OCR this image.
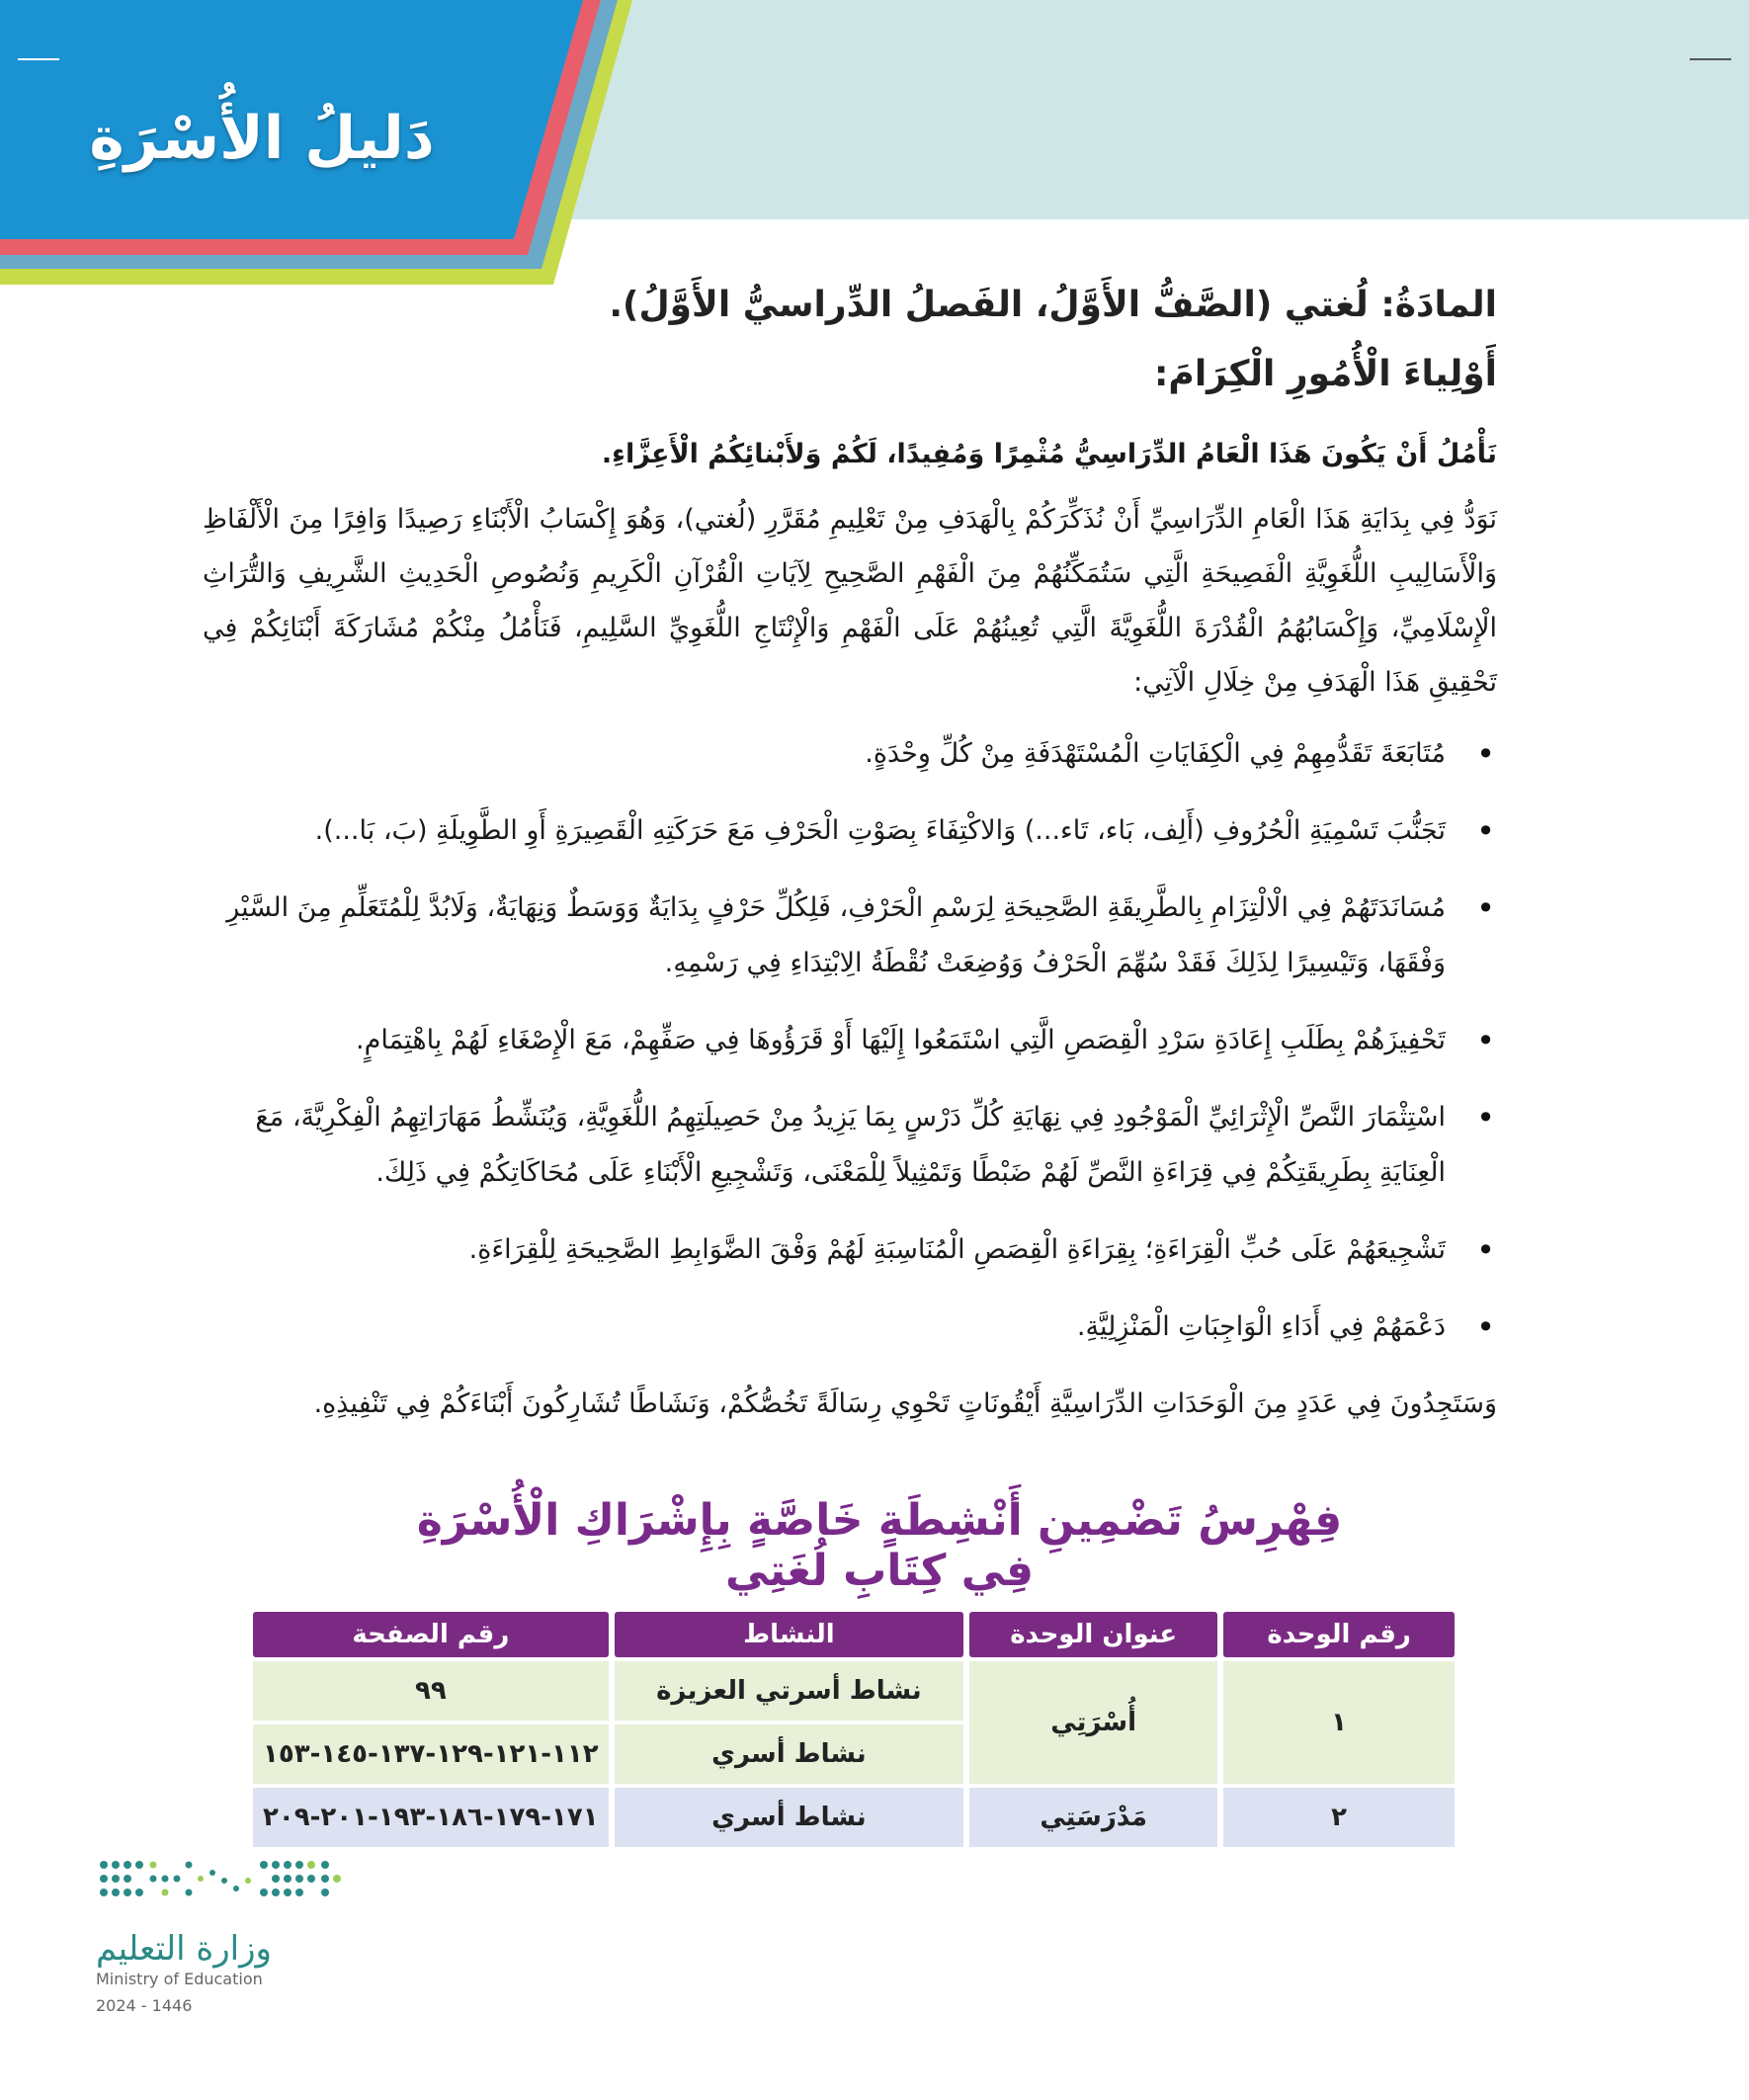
دَليلُ الأُسْرَةِ
المادَةُ: لُغتي (الصَّفُّ الأَوَّلُ، الفَصلُ الدِّراسيُّ الأَوَّلُ).
أَوْلِياءَ الْأُمُورِ الْكِرَامَ:
نَأْمُلُ أَنْ يَكُونَ هَذَا الْعَامُ الدِّرَاسِيُّ مُثْمِرًا وَمُفِيدًا، لَكُمْ وَلأَبْنائِكُمُ الْأَعِزَّاءِ.
نَوَدُّ فِي بِدَايَةِ هَذَا الْعَامِ الدِّرَاسِيِّ أَنْ نُذَكِّرَكُمْ بِالْهَدَفِ مِنْ تَعْلِيمِ مُقَرَّرِ (لُغتي)، وَهُوَ إِكْسَابُ الْأَبْنَاءِ رَصِيدًا وَافِرًا مِنَ الْأَلْفَاظِ وَالْأَسَالِيبِ اللُّغَوِيَّةِ الْفَصِيحَةِ الَّتِي سَتُمَكِّنُهُمْ مِنَ الْفَهْمِ الصَّحِيحِ لِآيَاتِ الْقُرْآنِ الْكَرِيمِ وَنُصُوصِ الْحَدِيثِ الشَّرِيفِ وَالتُّرَاثِ الْإِسْلَامِيِّ، وَإِكْسَابُهُمُ الْقُدْرَةَ اللُّغَوِيَّةَ الَّتِي تُعِينُهُمْ عَلَى الْفَهْمِ وَالْإِنْتَاجِ اللُّغَوِيِّ السَّلِيمِ، فَنَأْمُلُ مِنْكُمْ مُشَارَكَةَ أَبْنَائِكُمْ فِي تَحْقِيقِ هَذَا الْهَدَفِ مِنْ خِلَالِ الْآتِي:
• مُتَابَعَةَ تَقَدُّمِهِمْ فِي الْكِفَايَاتِ الْمُسْتَهْدَفَةِ مِنْ كُلِّ وِحْدَةٍ.
• تَجَنُّبَ تَسْمِيَةِ الْحُرُوفِ (أَلِف، بَاء، تَاء...) وَالاكْتِفَاءَ بِصَوْتِ الْحَرْفِ مَعَ حَرَكَتِهِ الْقَصِيرَةِ أَوِ الطَّوِيلَةِ (بَ، بَا...).
• مُسَانَدَتَهُمْ فِي الْالْتِزَامِ بِالطَّرِيقَةِ الصَّحِيحَةِ لِرَسْمِ الْحَرْفِ، فَلِكُلِّ حَرْفٍ بِدَايَةٌ وَوَسَطٌ وَنِهَايَةٌ، وَلَابُدَّ لِلْمُتَعَلِّمِ مِنَ السَّيْرِ وَفْقَهَا، وَتَيْسِيرًا لِذَلِكَ فَقَدْ سُهِّمَ الْحَرْفُ وَوُضِعَتْ نُقْطَةُ الِابْتِدَاءِ فِي رَسْمِهِ.
• تَحْفِيزَهُمْ بِطَلَبِ إِعَادَةِ سَرْدِ الْقِصَصِ الَّتِي اسْتَمَعُوا إِلَيْهَا أَوْ قَرَؤُوهَا فِي صَفِّهِمْ، مَعَ الْإِصْغَاءِ لَهُمْ بِاهْتِمَامٍ.
• اسْتِثْمَارَ النَّصِّ الْإِثْرَائِيِّ الْمَوْجُودِ فِي نِهَايَةِ كُلِّ دَرْسٍ بِمَا يَزِيدُ مِنْ حَصِيلَتِهِمُ اللُّغَوِيَّةِ، وَيُنَشِّطُ مَهَارَاتِهِمُ الْفِكْرِيَّةَ، مَعَ الْعِنَايَةِ بِطَرِيقَتِكُمْ فِي قِرَاءَةِ النَّصِّ لَهُمْ ضَبْطًا وَتَمْثِيلاً لِلْمَعْنَى، وَتَشْجِيعِ الْأَبْنَاءِ عَلَى مُحَاكَاتِكُمْ فِي ذَلِكَ.
• تَشْجِيعَهُمْ عَلَى حُبِّ الْقِرَاءَةِ؛ بِقِرَاءَةِ الْقِصَصِ الْمُنَاسِبَةِ لَهُمْ وَفْقَ الضَّوَابِطِ الصَّحِيحَةِ لِلْقِرَاءَةِ.
• دَعْمَهُمْ فِي أَدَاءِ الْوَاجِبَاتِ الْمَنْزِلِيَّةِ.
وَسَتَجِدُونَ فِي عَدَدٍ مِنَ الْوَحَدَاتِ الدِّرَاسِيَّةِ أَيْقُونَاتٍ تَحْوِي رِسَالَةً تَخُصُّكُمْ، وَنَشَاطًا تُشَارِكُونَ أَبْنَاءَكُمْ فِي تَنْفِيذِهِ.
فِهْرِسُ تَضْمِينِ أَنْشِطَةٍ خَاصَّةٍ بِإِشْرَاكِ الْأُسْرَةِ فِي كِتَابِ لُغَتِي
رقم الوحدة	عنوان الوحدة	النشاط	رقم الصفحة
١	أُسْرَتِي	نشاط أسرتي العزيزة	٩٩
		نشاط أسري	١١٢-١٢١-١٢٩-١٣٧-١٤٥-١٥٣
٢	مَدْرَسَتِي	نشاط أسري	١٧١-١٧٩-١٨٦-١٩٣-٢٠١-٢٠٩
وزارة التعليم
Ministry of Education
2024 - 1446
